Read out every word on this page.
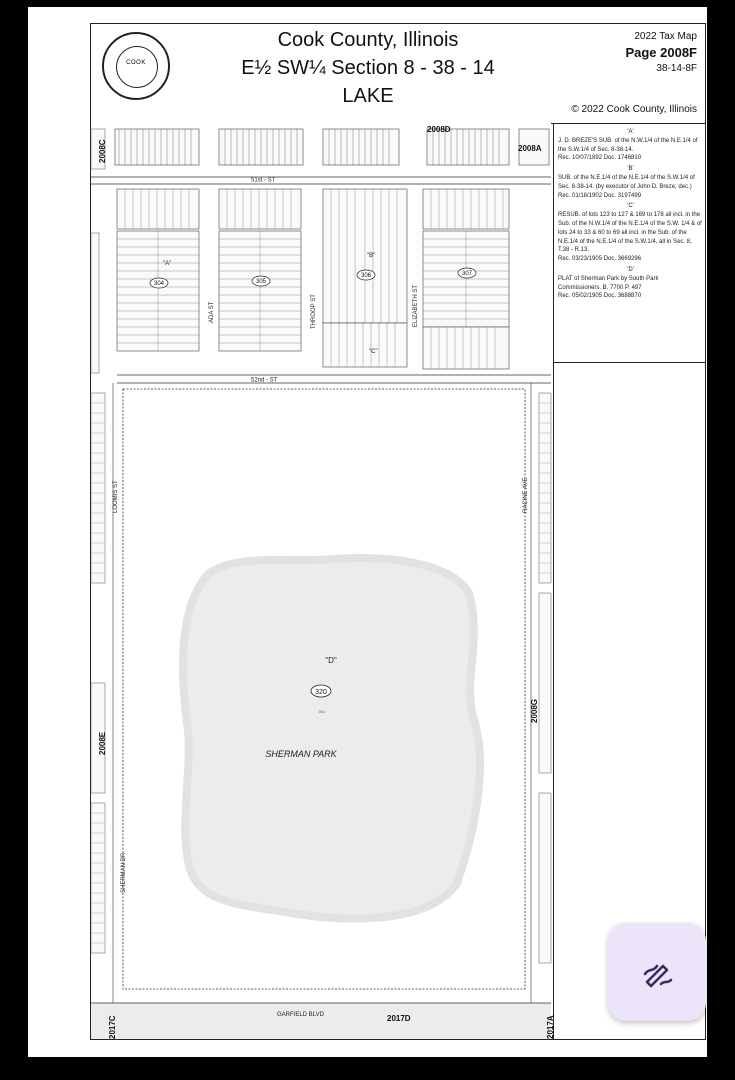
COOK
Cook County, Illinois
E½ SW¼ Section 8 - 38 - 14
LAKE
2022 Tax Map
Page 2008F
38-14-8F
© 2022 Cook County, Illinois
51st - ST
304	305
306	307
"A"
"B"
"C"
ADA ST	THROOP ST	ELIZABETH ST
52nd - ST
"D"
320
001
SHERMAN PARK
LOOMIS ST	RACINE AVE
SHERMAN DR
GARFIELD BLVD
2008C
2008D
2008A
2008E
2008G
2017C	2017D	2017A
'A'

J. D. BREZE'S SUB. of the N.W.1/4 of the N.E.1/4 of the S.W.1/4 of Sec. 8-38-14.

Rec. 10/07/1892 Doc. 1746810

'B'

SUB. of the N.E.1/4 of the N.E.1/4 of the S.W.1/4 of Sec. 8-38-14. (by executor of John D. Breze, dec.)

Rec. 01/18/1902 Doc. 3197499

'C'

RESUB. of lots 123 to 127 & 169 to 178 all incl. in the Sub. of the N.W.1/4 of the N.E.1/4 of the S.W. 1/4 & of lots 24 to 33 & 60 to 69 all incl. in the Sub. of the N.E.1/4 of the N.E.1/4 of the S.W.1/4, all in Sec. 8, T.38 - R.13.

Rec. 03/23/1905 Doc. 3669296

'D'

PLAT of Sherman Park by South Park Commissioners. B. 7700 P. 497

Rec. 05/02/1905 Doc. 3688870
